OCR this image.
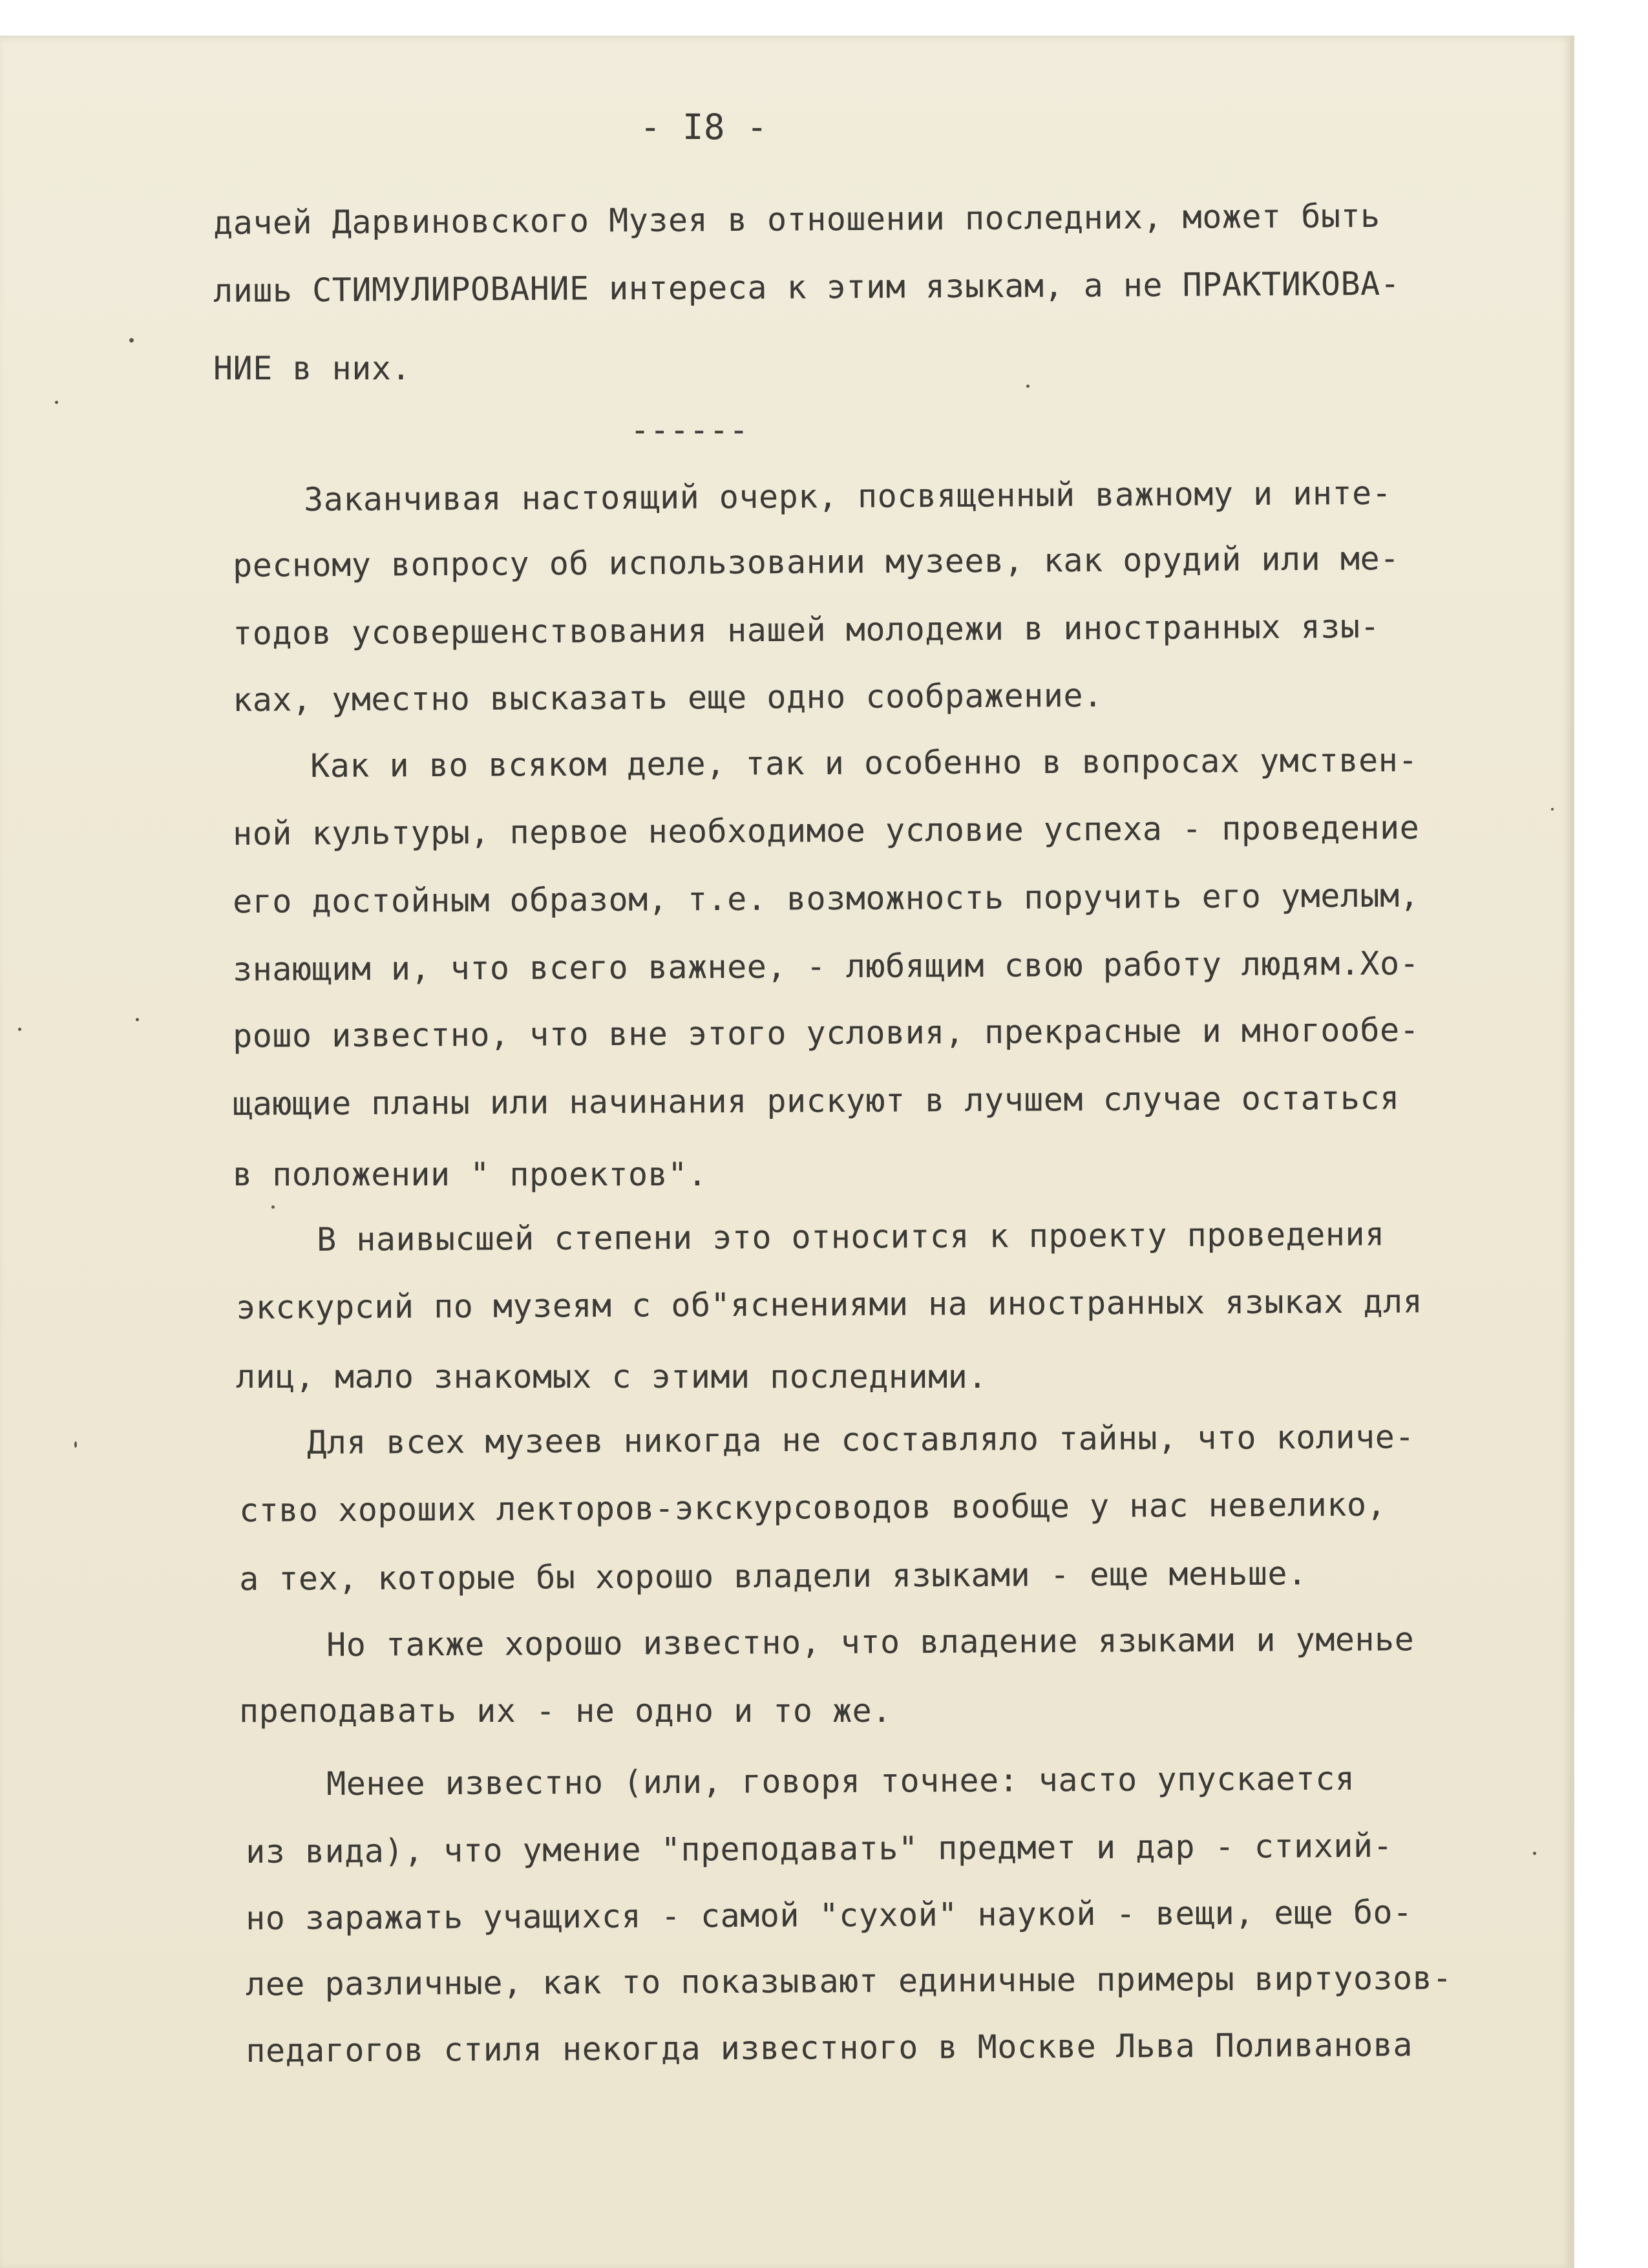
- I8 -
дачей Дарвиновского Музея в отношении последних, может быть
лишь СТИМУЛИРОВАНИЕ интереса к этим языкам, а не ПРАКТИКОВА-
НИЕ в них.
------
Заканчивая настоящий очерк, посвященный важному и инте-
ресному вопросу об использовании музеев, как орудий или ме-
тодов усовершенствования нашей молодежи в иностранных язы-
ках, уместно высказать еще одно соображение.
Как и во всяком деле, так и особенно в вопросах умствен-
ной культуры, первое необходимое условие успеха - проведение
его достойным образом, т.е. возможность поручить его умелым,
знающим и, что всего важнее, - любящим свою работу людям.Хо-
рошо известно, что вне этого условия, прекрасные и многообе-
щающие планы или начинания рискуют в лучшем случае остаться
в положении " проектов".
В наивысшей степени это относится к проекту проведения
экскурсий по музеям с об"яснениями на иностранных языках для
лиц, мало знакомых с этими последними.
Для всех музеев никогда не составляло тайны, что количе-
ство хороших лекторов-экскурсоводов вообще у нас невелико,
а тех, которые бы хорошо владели языками - еще меньше.
Но также хорошо известно, что владение языками и уменье
преподавать их - не одно и то же.
Менее известно (или, говоря точнее: часто упускается
из вида), что умение "преподавать" предмет и дар - стихий-
но заражать учащихся - самой "сухой" наукой - вещи, еще бо-
лее различные, как то показывают единичные примеры виртуозов-
педагогов стиля некогда известного в Москве Льва Поливанова
